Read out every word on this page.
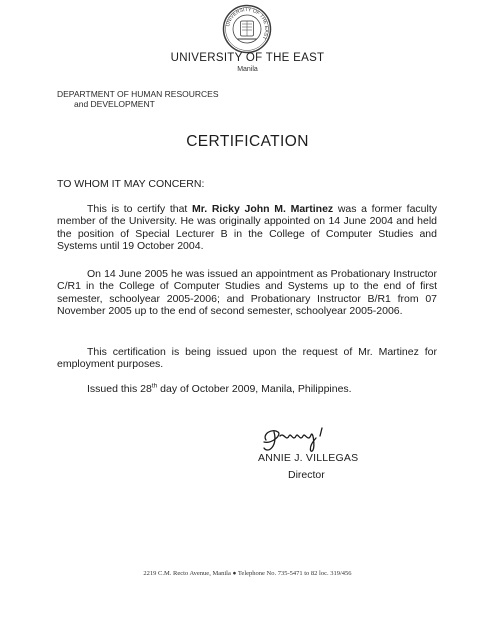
UNIVERSITY OF THE EAST
UNIVERSITY OF THE EAST
Manila
DEPARTMENT OF HUMAN RESOURCES
and DEVELOPMENT
CERTIFICATION
TO WHOM IT MAY CONCERN:
This is to certify that Mr. Ricky John M. Martinez was a former faculty member of the University. He was originally appointed on 14 June 2004 and held the position of Special Lecturer B in the College of Computer Studies and Systems until 19 October 2004.
On 14 June 2005 he was issued an appointment as Probationary Instructor C/R1 in the College of Computer Studies and Systems up to the end of first semester, schoolyear 2005-2006; and Probationary Instructor B/R1 from 07 November 2005 up to the end of second semester, schoolyear 2005-2006.
This certification is being issued upon the request of Mr. Martinez for employment purposes.
Issued this 28th day of October 2009, Manila, Philippines.
ANNIE J. VILLEGAS
Director
2219 C.M. Recto Avenue, Manila ● Telephone No. 735-5471 to 82 loc. 319/456
